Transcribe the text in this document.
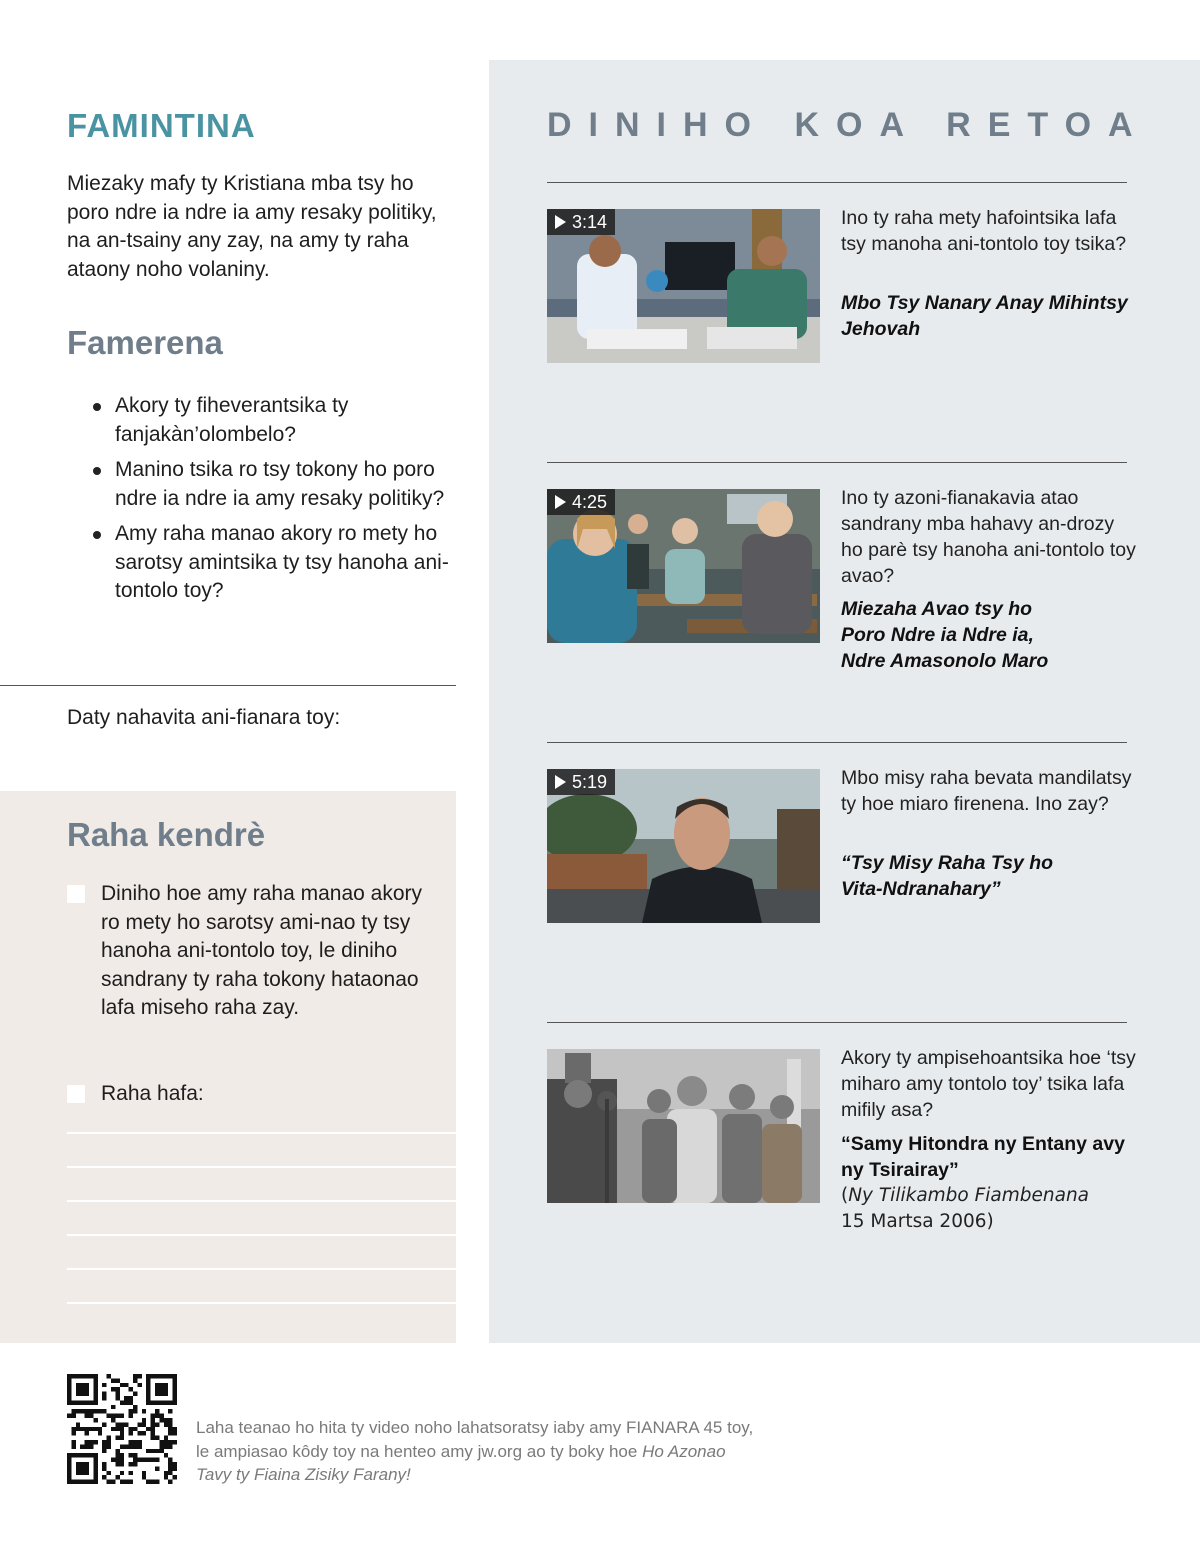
DINIHO KOA RETOA
3:14	Ino ty raha mety hafointsika lafa tsy manoha ani-tontolo toy tsika?
Mbo Tsy Nanary Anay Mihintsy Jehovah
4:25	Ino ty azoni-fianakavia atao sandrany mba hahavy an-drozy ho parè tsy hanoha ani-tontolo toy avao?
Miezaha Avao tsy ho Poro Ndre ia Ndre ia, Ndre Amasonolo Maro
5:19	Mbo misy raha bevata mandilatsy ty hoe miaro firenena. Ino zay?
“Tsy Misy Raha Tsy ho Vita-Ndranahary”
Akory ty ampisehoantsika hoe ‘tsy miharo amy tontolo toy’ tsika lafa mifily asa?
“Samy Hitondra ny Entany avy ny Tsirairay”
(Ny Tilikambo Fiambenana
15 Martsa 2006)
FAMINTINA
Miezaky mafy ty Kristiana mba tsy ho poro ndre ia ndre ia amy resaky politiky, na an-tsainy any zay, na amy ty raha ataony noho volaniny.
Famerena
Akory ty fiheverantsika ty fanjakàn’olombelo?
Manino tsika ro tsy tokony ho poro ndre ia ndre ia amy resaky politiky?
Amy raha manao akory ro mety ho sarotsy amintsika ty tsy hanoha ani-tontolo toy?
Daty nahavita ani-fianara toy:
Raha kendrè
Diniho hoe amy raha manao akory ro mety ho sarotsy ami-nao ty tsy hanoha ani-tontolo toy, le diniho sandrany ty raha tokony hataonao lafa miseho raha zay.
Raha hafa:
Laha teanao ho hita ty video noho lahatsoratsy iaby amy FIANARA 45 toy, le ampiasao kôdy toy na henteo amy jw.org ao ty boky hoe Ho Azonao Tavy ty Fiaina Zisiky Farany!
